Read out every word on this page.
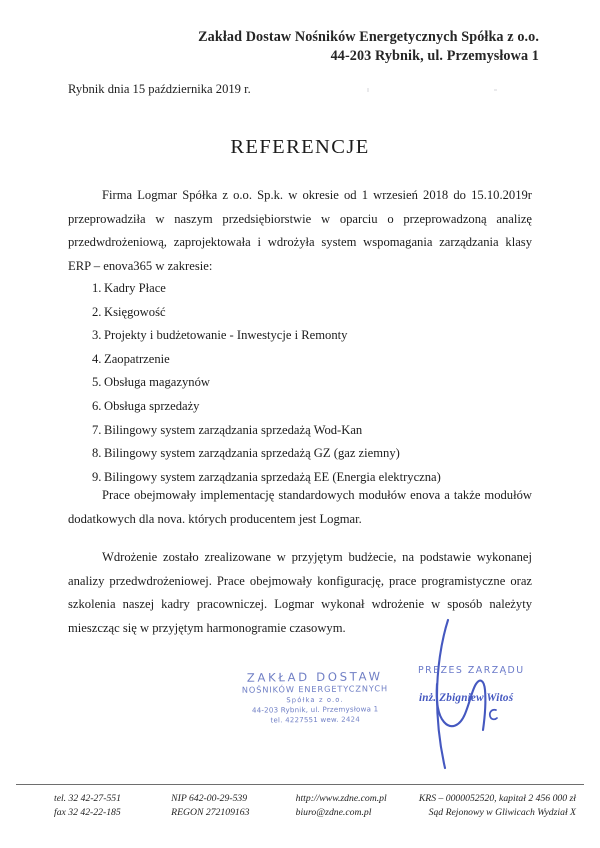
Zakład Dostaw Nośników Energetycznych Spółka z o.o.
44-203 Rybnik, ul. Przemysłowa 1
Rybnik dnia 15 października 2019 r.
REFERENCJE

Firma Logmar Spółka z o.o. Sp.k. w okresie od 1 wrzesień 2018 do 15.10.2019r przeprowadziła w naszym przedsiębiorstwie w oparciu o przeprowadzoną analizę przedwdrożeniową, zaprojektowała i wdrożyła system wspomagania zarządzania klasy ERP – enova365 w zakresie:

1. Kadry Płace
2. Księgowość
3. Projekty i budżetowanie - Inwestycje i Remonty
4. Zaopatrzenie
5. Obsługa magazynów
6. Obsługa sprzedaży
7. Bilingowy system zarządzania sprzedażą Wod-Kan
8. Bilingowy system zarządzania sprzedażą GZ (gaz ziemny)
9. Bilingowy system zarządzania sprzedażą EE (Energia elektryczna)

Prace obejmowały implementację standardowych modułów enova a także modułów dodatkowych dla nova. których producentem jest Logmar.

Wdrożenie zostało zrealizowane w przyjętym budżecie, na podstawie wykonanej analizy przedwdrożeniowej. Prace obejmowały konfigurację, prace programistyczne oraz szkolenia naszej kadry pracowniczej. Logmar wykonał wdrożenie w sposób należyty mieszcząc się w przyjętym harmonogramie czasowym.

ZAKŁAD DOSTAW
NOŚNIKÓW ENERGETYCZNYCH
Spółka z o.o.
44-203 Rybnik, ul. Przemysłowa 1
tel. 4227551 wew. 2424
PREZES ZARZĄDU
inż. Zbigniew Witoś
tel. 32 42-27-551
fax 32 42-22-185
NIP 642-00-29-539
REGON 272109163
http://www.zdne.com.pl
biuro@zdne.com.pl
KRS – 0000052520, kapitał 2 456 000 zł
Sąd Rejonowy w Gliwicach Wydział X
